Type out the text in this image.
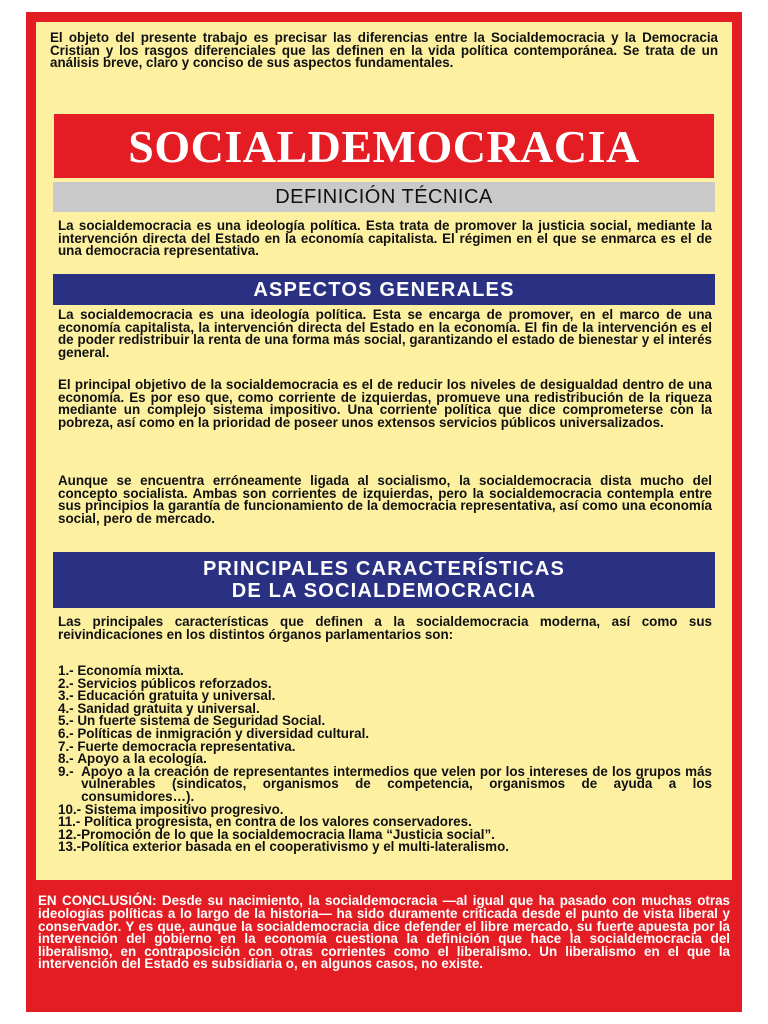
El objeto del presente trabajo es precisar las diferencias entre la Socialdemocracia y la Democracia Cristian y los rasgos diferenciales que las definen en la vida política contemporánea. Se trata de un análisis breve, claro y conciso de sus aspectos fundamentales.

SOCIALDEMOCRACIA
DEFINICIÓN TÉCNICA

La socialdemocracia es una ideología política. Esta trata de promover la justicia social, mediante la intervención directa del Estado en la economía capitalista. El régimen en el que se enmarca es el de una democracia representativa.

ASPECTOS GENERALES

La socialdemocracia es una ideología política. Esta se encarga de promover, en el marco de una economía capitalista, la intervención directa del Estado en la economía. El fin de la intervención es el de poder redistribuir la renta de una forma más social, garantizando el estado de bienestar y el interés general.

El principal objetivo de la socialdemocracia es el de reducir los niveles de desigualdad dentro de una economía. Es por eso que, como corriente de izquierdas, promueve una redistribución de la riqueza mediante un complejo sistema impositivo. Una corriente política que dice comprometerse con la pobreza, así como en la prioridad de poseer unos extensos servicios públicos universalizados.

Aunque se encuentra erróneamente ligada al socialismo, la socialdemocracia dista mucho del concepto socialista. Ambas son corrientes de izquierdas, pero la socialdemocracia contempla entre sus principios la garantía de funcionamiento de la democracia representativa, así como una economía social, pero de mercado.

PRINCIPALES CARACTERÍSTICAS
DE LA SOCIALDEMOCRACIA

Las principales características que definen a la socialdemocracia moderna, así como sus reivindicaciones en los distintos órganos parlamentarios son:

1.- Economía mixta.
2.- Servicios públicos reforzados.
3.- Educación gratuita y universal.
4.- Sanidad gratuita y universal.
5.- Un fuerte sistema de Seguridad Social.
6.- Políticas de inmigración y diversidad cultural.
7.- Fuerte democracia representativa.
8.- Apoyo a la ecología.
9.- Apoyo a la creación de representantes intermedios que velen por los intereses de los grupos más vulnerables (sindicatos, organismos de competencia, organismos de ayuda a los consumidores…).
10.- Sistema impositivo progresivo.
11.- Política progresista, en contra de los valores conservadores.
12.- Promoción de lo que la socialdemocracia llama “Justicia social”.
13.- Política exterior basada en el cooperativismo y el multi-lateralismo.

EN CONCLUSIÓN: Desde su nacimiento, la socialdemocracia —al igual que ha pasado con muchas otras ideologías políticas a lo largo de la historia— ha sido duramente criticada desde el punto de vista liberal y conservador. Y es que, aunque la socialdemocracia dice defender el libre mercado, su fuerte apuesta por la intervención del gobierno en la economía cuestiona la definición que hace la socialdemocracia del liberalismo, en contraposición con otras corrientes como el liberalismo. Un liberalismo en el que la intervención del Estado es subsidiaria o, en algunos casos, no existe.
